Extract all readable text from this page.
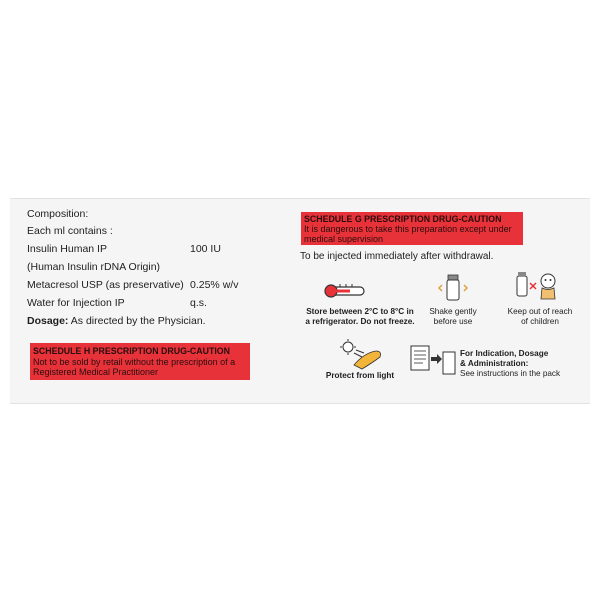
Composition:
Each ml contains :
Insulin Human IP	100 IU
(Human Insulin rDNA Origin)
Metacresol USP (as preservative) 0.25% w/v
Water for Injection IP	q.s.
Dosage: As directed by the Physician.
SCHEDULE H PRESCRIPTION DRUG-CAUTION
Not to be sold by retail without the prescription of a
Registered Medical Practitioner
SCHEDULE G PRESCRIPTION DRUG-CAUTION
It is dangerous to take this preparation except under
medical supervision
To be injected immediately after withdrawal.
Store between 2°C to 8°C in
a refrigerator. Do not freeze.
Shake gently
before use
Keep out of reach
of children
Protect from light
For Indication, Dosage
& Administration:
See instructions in the pack
